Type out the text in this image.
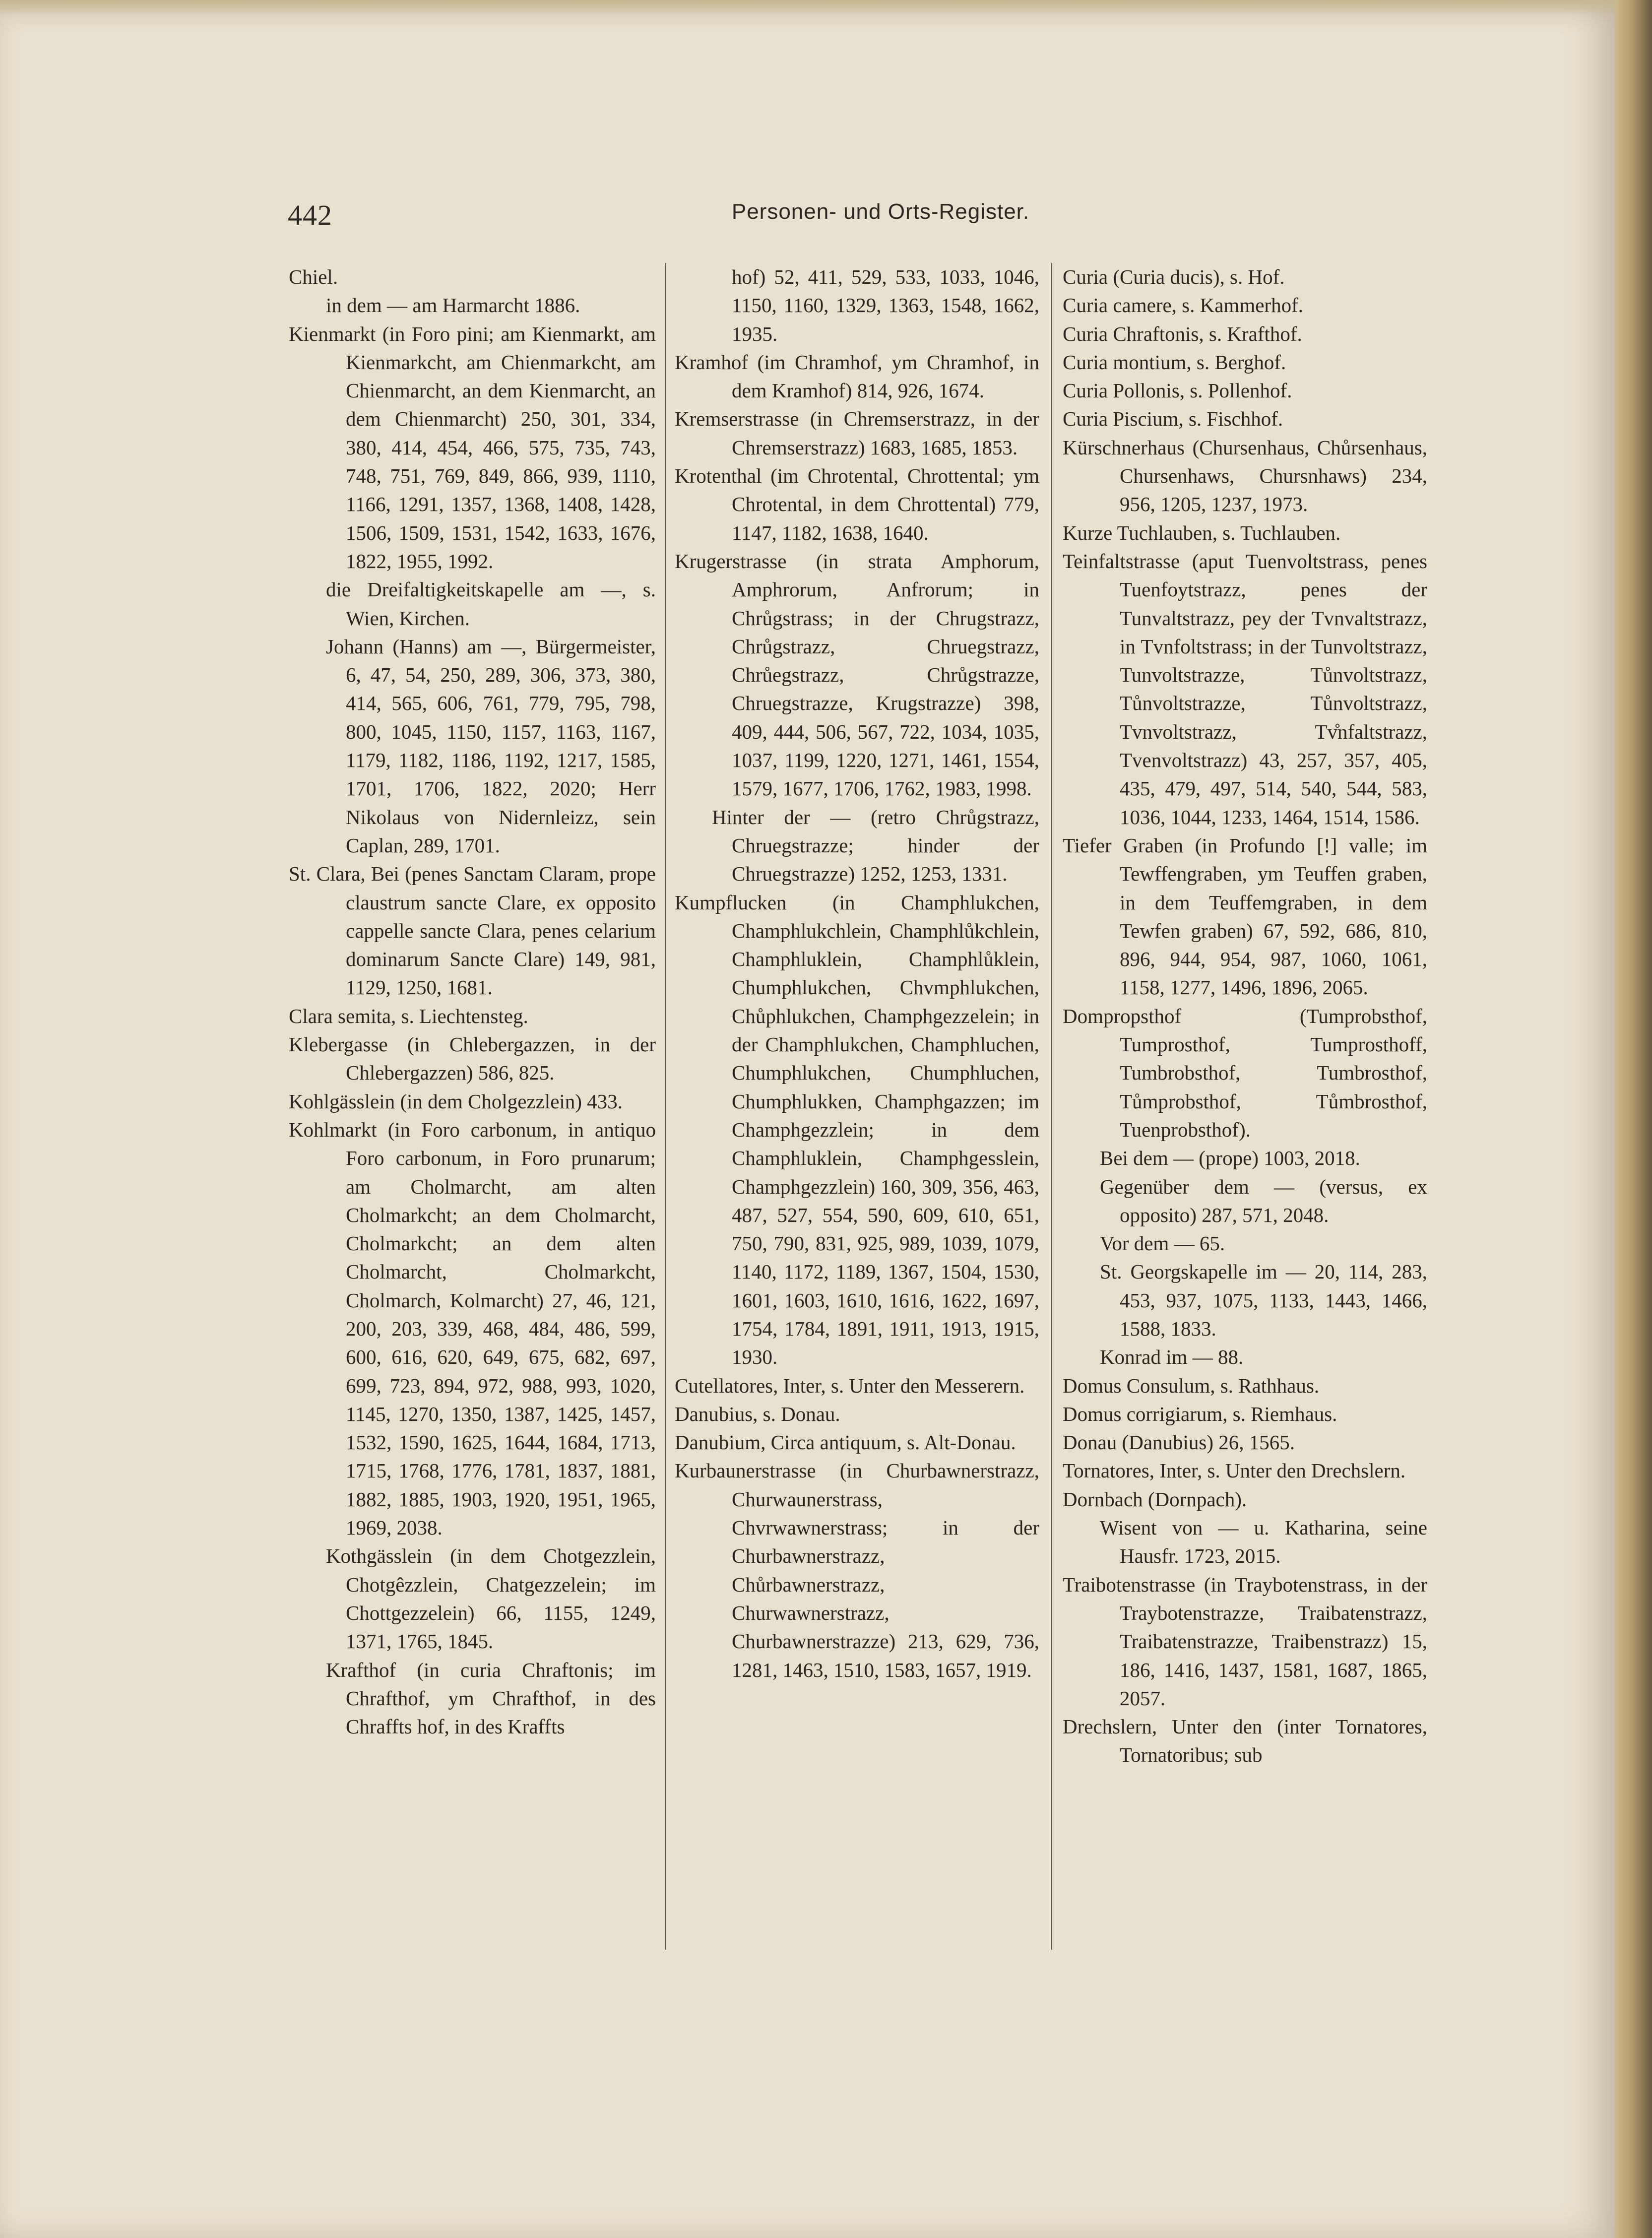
442	Personen- und Orts-Register.

Chiel.

in dem — am Harmarcht 1886.

Kienmarkt (in Foro pini; am Kienmarkt, am Kienmarkcht, am Chienmarkcht, am Chienmarcht, an dem Kienmarcht, an dem Chienmarcht) 250, 301, 334, 380, 414, 454, 466, 575, 735, 743, 748, 751, 769, 849, 866, 939, 1110, 1166, 1291, 1357, 1368, 1408, 1428, 1506, 1509, 1531, 1542, 1633, 1676, 1822, 1955, 1992.

die Dreifaltigkeitskapelle am —, s. Wien, Kirchen.

Johann (Hanns) am —, Bürgermeister, 6, 47, 54, 250, 289, 306, 373, 380, 414, 565, 606, 761, 779, 795, 798, 800, 1045, 1150, 1157, 1163, 1167, 1179, 1182, 1186, 1192, 1217, 1585, 1701, 1706, 1822, 2020; Herr Nikolaus von Nidernleizz, sein Caplan, 289, 1701.

St. Clara, Bei (penes Sanctam Claram, prope claustrum sancte Clare, ex opposito cappelle sancte Clara, penes celarium dominarum Sancte Clare) 149, 981, 1129, 1250, 1681.

Clara semita, s. Liechtensteg.

Klebergasse (in Chlebergazzen, in der Chlebergazzen) 586, 825.

Kohlgässlein (in dem Cholgezzlein) 433.

Kohlmarkt (in Foro carbonum, in antiquo Foro carbonum, in Foro prunarum; am Cholmarcht, am alten Cholmarkcht; an dem Cholmarcht, Cholmarkcht; an dem alten Cholmarcht, Cholmarkcht, Cholmarch, Kolmarcht) 27, 46, 121, 200, 203, 339, 468, 484, 486, 599, 600, 616, 620, 649, 675, 682, 697, 699, 723, 894, 972, 988, 993, 1020, 1145, 1270, 1350, 1387, 1425, 1457, 1532, 1590, 1625, 1644, 1684, 1713, 1715, 1768, 1776, 1781, 1837, 1881, 1882, 1885, 1903, 1920, 1951, 1965, 1969, 2038.

Kothgässlein (in dem Chotgezzlein, Chotgêzzlein, Chatgezzelein; im Chottgezzelein) 66, 1155, 1249, 1371, 1765, 1845.

Krafthof (in curia Chraftonis; im Chrafthof, ym Chrafthof, in des Chraffts hof, in des Kraffts

hof) 52, 411, 529, 533, 1033, 1046, 1150, 1160, 1329, 1363, 1548, 1662, 1935.

Kramhof (im Chramhof, ym Chramhof, in dem Kramhof) 814, 926, 1674.

Kremserstrasse (in Chremserstrazz, in der Chremserstrazz) 1683, 1685, 1853.

Krotenthal (im Chrotental, Chrottental; ym Chrotental, in dem Chrottental) 779, 1147, 1182, 1638, 1640.

Krugerstrasse (in strata Amphorum, Amphrorum, Anfrorum; in Chrůgstrass; in der Chrugstrazz, Chrůgstrazz, Chruegstrazz, Chrůegstrazz, Chrůgstrazze, Chruegstrazze, Krugstrazze) 398, 409, 444, 506, 567, 722, 1034, 1035, 1037, 1199, 1220, 1271, 1461, 1554, 1579, 1677, 1706, 1762, 1983, 1998.

Hinter der — (retro Chrůgstrazz, Chruegstrazze; hinder der Chruegstrazze) 1252, 1253, 1331.

Kumpflucken (in Champhlukchen, Champhlukchlein, Champhlůkchlein, Champhluklein, Champhlůklein, Chumphlukchen, Chvmphlukchen, Chůphlukchen, Champhgezzelein; in der Champhlukchen, Champhluchen, Chumphlukchen, Chumphluchen, Chumphlukken, Champhgazzen; im Champhgezzlein; in dem Champhluklein, Champhgesslein, Champhgezzlein) 160, 309, 356, 463, 487, 527, 554, 590, 609, 610, 651, 750, 790, 831, 925, 989, 1039, 1079, 1140, 1172, 1189, 1367, 1504, 1530, 1601, 1603, 1610, 1616, 1622, 1697, 1754, 1784, 1891, 1911, 1913, 1915, 1930.

Cutellatores, Inter, s. Unter den Messerern.

Danubius, s. Donau.

Danubium, Circa antiquum, s. Alt-Donau.

Kurbaunerstrasse (in Churbawnerstrazz, Churwaunerstrass, Chvrwawnerstrass; in der Churbawnerstrazz, Chůrbawnerstrazz, Churwawnerstrazz, Churbawnerstrazze) 213, 629, 736, 1281, 1463, 1510, 1583, 1657, 1919.

Curia (Curia ducis), s. Hof.

Curia camere, s. Kammerhof.

Curia Chraftonis, s. Krafthof.

Curia montium, s. Berghof.

Curia Pollonis, s. Pollenhof.

Curia Piscium, s. Fischhof.

Kürschnerhaus (Chursenhaus, Chůrsenhaus, Chursenhaws, Chursnhaws) 234, 956, 1205, 1237, 1973.

Kurze Tuchlauben, s. Tuchlauben.

Teinfaltstrasse (aput Tuenvoltstrass, penes Tuenfoytstrazz, penes der Tunvaltstrazz, pey der Tvnvaltstrazz, in Tvnfoltstrass; in der Tunvoltstrazz, Tunvoltstrazze, Tůnvoltstrazz, Tůnvoltstrazze, Tůnvoltstrazz, Tvnvoltstrazz, Tv̊nfaltstrazz, Tvenvoltstrazz) 43, 257, 357, 405, 435, 479, 497, 514, 540, 544, 583, 1036, 1044, 1233, 1464, 1514, 1586.

Tiefer Graben (in Profundo [!] valle; im Tewffengraben, ym Teuffen graben, in dem Teuffemgraben, in dem Tewfen graben) 67, 592, 686, 810, 896, 944, 954, 987, 1060, 1061, 1158, 1277, 1496, 1896, 2065.

Dompropsthof (Tumprobsthof, Tumprosthof, Tumprosthoff, Tumbrobsthof, Tumbrosthof, Tůmprobsthof, Tůmbrosthof, Tuenprobsthof).

Bei dem — (prope) 1003, 2018.

Gegenüber dem — (versus, ex opposito) 287, 571, 2048.

Vor dem — 65.

St. Georgskapelle im — 20, 114, 283, 453, 937, 1075, 1133, 1443, 1466, 1588, 1833.

Konrad im — 88.

Domus Consulum, s. Rathhaus.

Domus corrigiarum, s. Riemhaus.

Donau (Danubius) 26, 1565.

Tornatores, Inter, s. Unter den Drechslern.

Dornbach (Dornpach).

Wisent von — u. Katharina, seine Hausfr. 1723, 2015.

Traibotenstrasse (in Traybotenstrass, in der Traybotenstrazze, Traibatenstrazz, Traibatenstrazze, Traibenstrazz) 15, 186, 1416, 1437, 1581, 1687, 1865, 2057.

Drechslern, Unter den (inter Tornatores, Tornatoribus; sub
